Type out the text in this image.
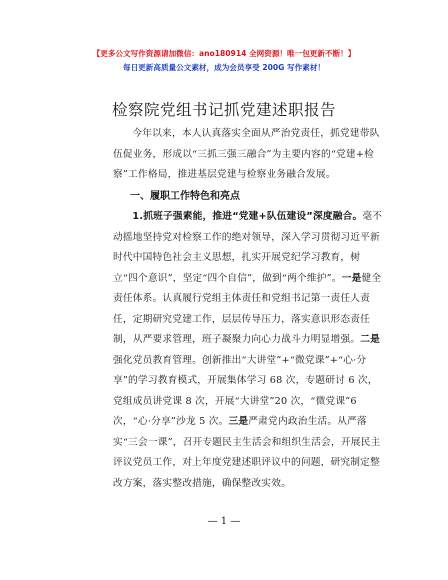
【更多公文写作资源请加微信：ano180914 全网资源！唯一包更新不断！】
每日更新高质量公文素材，成为会员享受 200G 写作素材！
检察院党组书记抓党建述职报告
今年以来，本人认真落实全面从严治党责任，抓党建带队伍促业务，形成以“三抓三强三融合”为主要内容的“党建+检察”工作格局，推进基层党建与检察业务融合发展。
一、履职工作特色和亮点
1.抓班子强素能，推进“党建+队伍建设”深度融合。毫不动摇地坚持党对检察工作的绝对领导，深入学习贯彻习近平新时代中国特色社会主义思想，扎实开展党纪学习教育，树立“四个意识”，坚定“四个自信”，做到“两个维护”。一是健全责任体系。认真履行党组主体责任和党组书记第一责任人责任，定期研究党建工作，层层传导压力，落实意识形态责任制，从严要求管理，班子凝聚力向心力战斗力明显增强。二是强化党员教育管理。创新推出“大讲堂”+“微党课”+“心·分享”的学习教育模式，开展集体学习 68 次，专题研讨 6 次，党组成员讲党课 8 次，开展“大讲堂”20 次，“微党课”6 次，“心·分享”沙龙 5 次。三是严肃党内政治生活。从严落实“三会一课”，召开专题民主生活会和组织生活会，开展民主评议党员工作，对上年度党建述职评议中的问题，研究制定整改方案，落实整改措施，确保整改实效。
— 1 —
